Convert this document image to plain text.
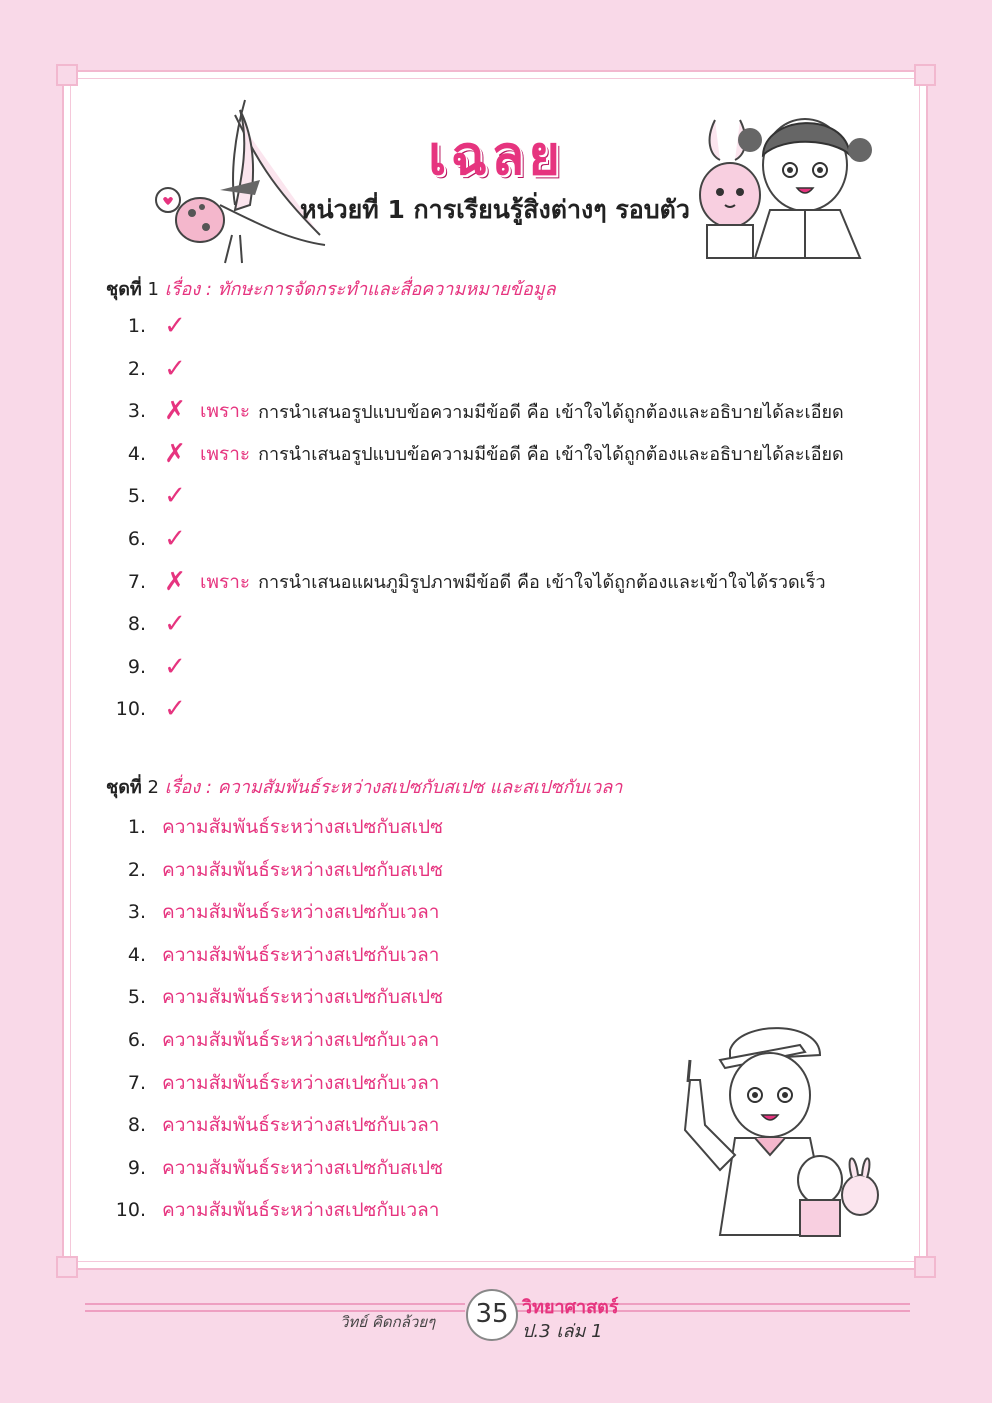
เฉลย
หน่วยที่ 1 การเรียนรู้สิ่งต่างๆ รอบตัว
ชุดที่ 1 เรื่อง : ทักษะการจัดกระทำและสื่อความหมายข้อมูล
1. ✓
2. ✓
3. ✗ เพราะ การนำเสนอรูปแบบข้อความมีข้อดี คือ เข้าใจได้ถูกต้องและอธิบายได้ละเอียด
4. ✗ เพราะ การนำเสนอรูปแบบข้อความมีข้อดี คือ เข้าใจได้ถูกต้องและอธิบายได้ละเอียด
5. ✓
6. ✓
7. ✗ เพราะ การนำเสนอแผนภูมิรูปภาพมีข้อดี คือ เข้าใจได้ถูกต้องและเข้าใจได้รวดเร็ว
8. ✓
9. ✓
10. ✓
ชุดที่ 2 เรื่อง : ความสัมพันธ์ระหว่างสเปซกับสเปซ และสเปซกับเวลา
1. ความสัมพันธ์ระหว่างสเปซกับสเปซ
2. ความสัมพันธ์ระหว่างสเปซกับสเปซ
3. ความสัมพันธ์ระหว่างสเปซกับเวลา
4. ความสัมพันธ์ระหว่างสเปซกับเวลา
5. ความสัมพันธ์ระหว่างสเปซกับสเปซ
6. ความสัมพันธ์ระหว่างสเปซกับเวลา
7. ความสัมพันธ์ระหว่างสเปซกับเวลา
8. ความสัมพันธ์ระหว่างสเปซกับเวลา
9. ความสัมพันธ์ระหว่างสเปซกับสเปซ
10. ความสัมพันธ์ระหว่างสเปซกับเวลา
วิทย์ คิดกล้วยๆ	35 วิทยาศาสตร์
ป.3 เล่ม 1
